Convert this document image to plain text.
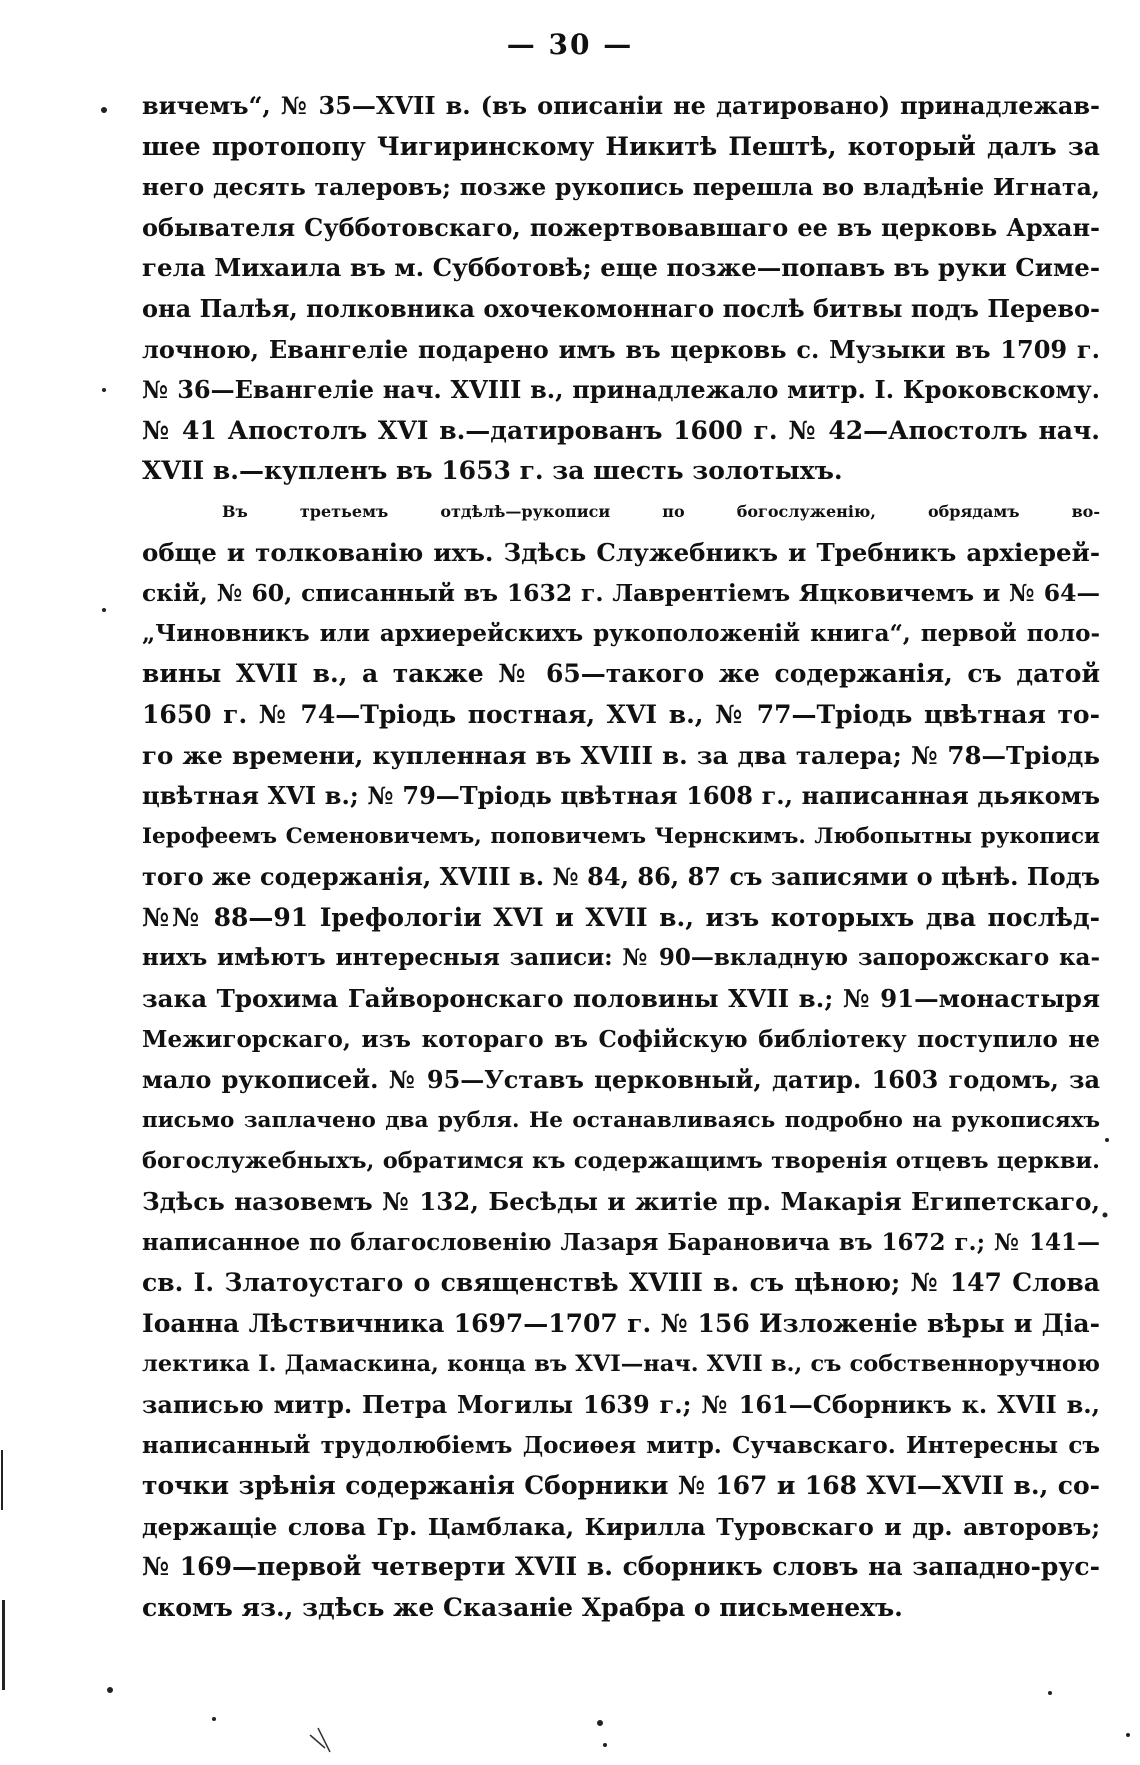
— 30 —
вичемъ“, № 35—XVII в. (въ описаніи не датировано) принадлежав-
шее протопопу Чигиринскому Никитѣ Пештѣ, который далъ за
него десять талеровъ; позже рукопись перешла во владѣніе Игната,
обывателя Субботовскаго, пожертвовавшаго ее въ церковь Архан-
гела Михаила въ м. Субботовѣ; еще позже—попавъ въ руки Симе-
она Палѣя, полковника охочекомоннаго послѣ битвы подъ Перево-
лочною, Евангеліе подарено имъ въ церковь с. Музыки въ 1709 г.
№ 36—Евангеліе нач. XVIII в., принадлежало митр. І. Кроковскому.
№ 41 Апостолъ XVI в.—датированъ 1600 г. № 42—Апостолъ нач.
XVII в.—купленъ въ 1653 г. за шесть золотыхъ.
Въ третьемъ отдѣлѣ—рукописи по богослуженію, обрядамъ во-
обще и толкованію ихъ. Здѣсь Служебникъ и Требникъ архіерей-
скій, № 60, списанный въ 1632 г. Лаврентіемъ Яцковичемъ и № 64—
„Чиновникъ или архиерейскихъ рукоположеній книга“, первой поло-
вины XVII в., а также № 65—такого же содержанія, съ датой
1650 г. № 74—Тріодь постная, XVI в., № 77—Тріодь цвѣтная то-
го же времени, купленная въ XVIII в. за два талера; № 78—Тріодь
цвѣтная XVI в.; № 79—Тріодь цвѣтная 1608 г., написанная дьякомъ
Іерофеемъ Семеновичемъ, поповичемъ Чернскимъ. Любопытны рукописи
того же содержанія, XVIII в. № 84, 86, 87 съ записями о цѣнѣ. Подъ
№№ 88—91 Ірефологіи XVI и XVII в., изъ которыхъ два послѣд-
нихъ имѣютъ интересныя записи: № 90—вкладную запорожскаго ка-
зака Трохима Гайворонскаго половины XVII в.; № 91—монастыря
Межигорскаго, изъ котораго въ Софійскую библіотеку поступило не
мало рукописей. № 95—Уставъ церковный, датир. 1603 годомъ, за
письмо заплачено два рубля. Не останавливаясь подробно на рукописяхъ
богослужебныхъ, обратимся къ содержащимъ творенія отцевъ церкви.
Здѣсь назовемъ № 132, Бесѣды и житіе пр. Макарія Египетскаго,
написанное по благословенію Лазаря Барановича въ 1672 г.; № 141—
св. І. Златоустаго о священствѣ XVIII в. съ цѣною; № 147 Слова
Іоанна Лѣствичника 1697—1707 г. № 156 Изложеніе вѣры и Діа-
лектика І. Дамаскина, конца въ XVI—нач. XVII в., съ собственноручною
записью митр. Петра Могилы 1639 г.; № 161—Сборникъ к. XVII в.,
написанный трудолюбіемъ Досиѳея митр. Сучавскаго. Интересны съ
точки зрѣнія содержанія Сборники № 167 и 168 XVI—XVII в., со-
держащіе слова Гр. Цамблака, Кирилла Туровскаго и др. авторовъ;
№ 169—первой четверти XVII в. сборникъ словъ на западно-рус-
скомъ яз., здѣсь же Сказаніе Храбра о письменехъ.
